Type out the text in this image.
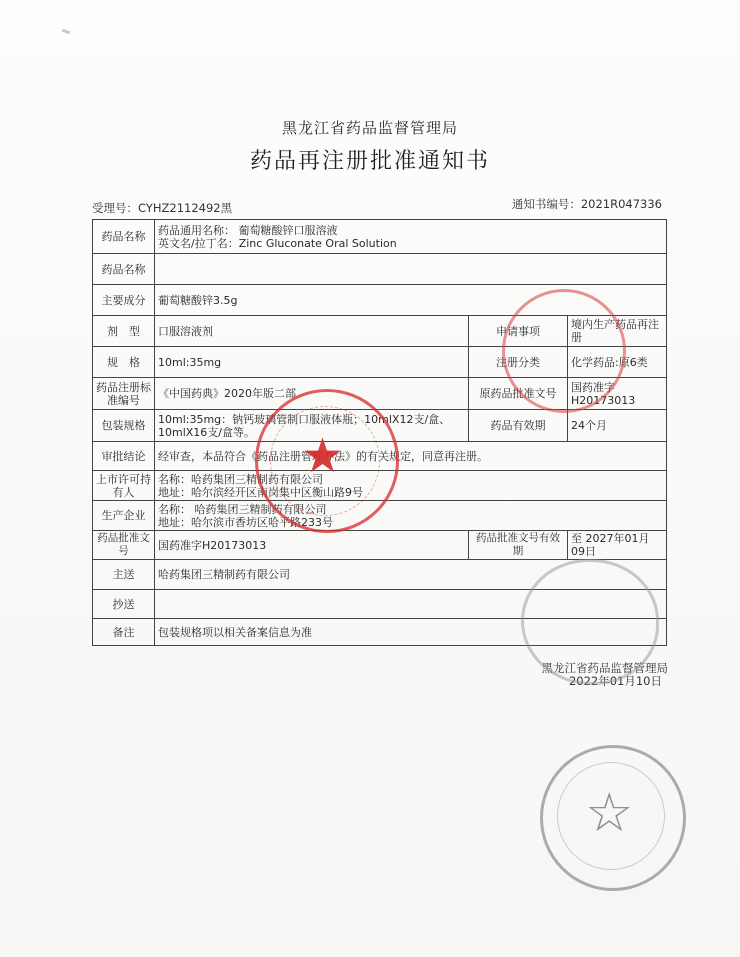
黑龙江省药品监督管理局
药品再注册批准通知书
受理号：CYHZ2112492黑	通知书编号：2021R047336
药品名称	药品通用名称： 葡萄糖酸锌口服溶液
英文名/拉丁名：Zinc Gluconate Oral Solution		

药品名称			
主要成分	葡萄糖酸锌3.5g		
剂　型	口服溶液剂	申请事项	境内生产药品再注册
规　格	10ml:35mg	注册分类	化学药品:原6类
药品注册标准编号	《中国药典》2020年版二部	原药品批准文号	国药准字H20173013
包装规格	10ml:35mg：钠钙玻璃管制口服液体瓶；10mlX12支/盒、10mlX16支/盒等。	药品有效期	24个月
审批结论	经审查，本品符合《药品注册管理办法》的有关规定，同意再注册。		
上市许可持有人	名称：哈药集团三精制药有限公司
地址：哈尔滨经开区南岗集中区衡山路9号		

生产企业	名称： 哈药集团三精制药有限公司
地址：哈尔滨市香坊区哈平路233号		

药品批准文号	国药准字H20173013	药品批准文号有效期	至 2027年01月09日
主送	哈药集团三精制药有限公司		
抄送			
备注	包装规格项以相关备案信息为准		
黑龙江省药品监督管理局
2022年01月10日
★
☆
